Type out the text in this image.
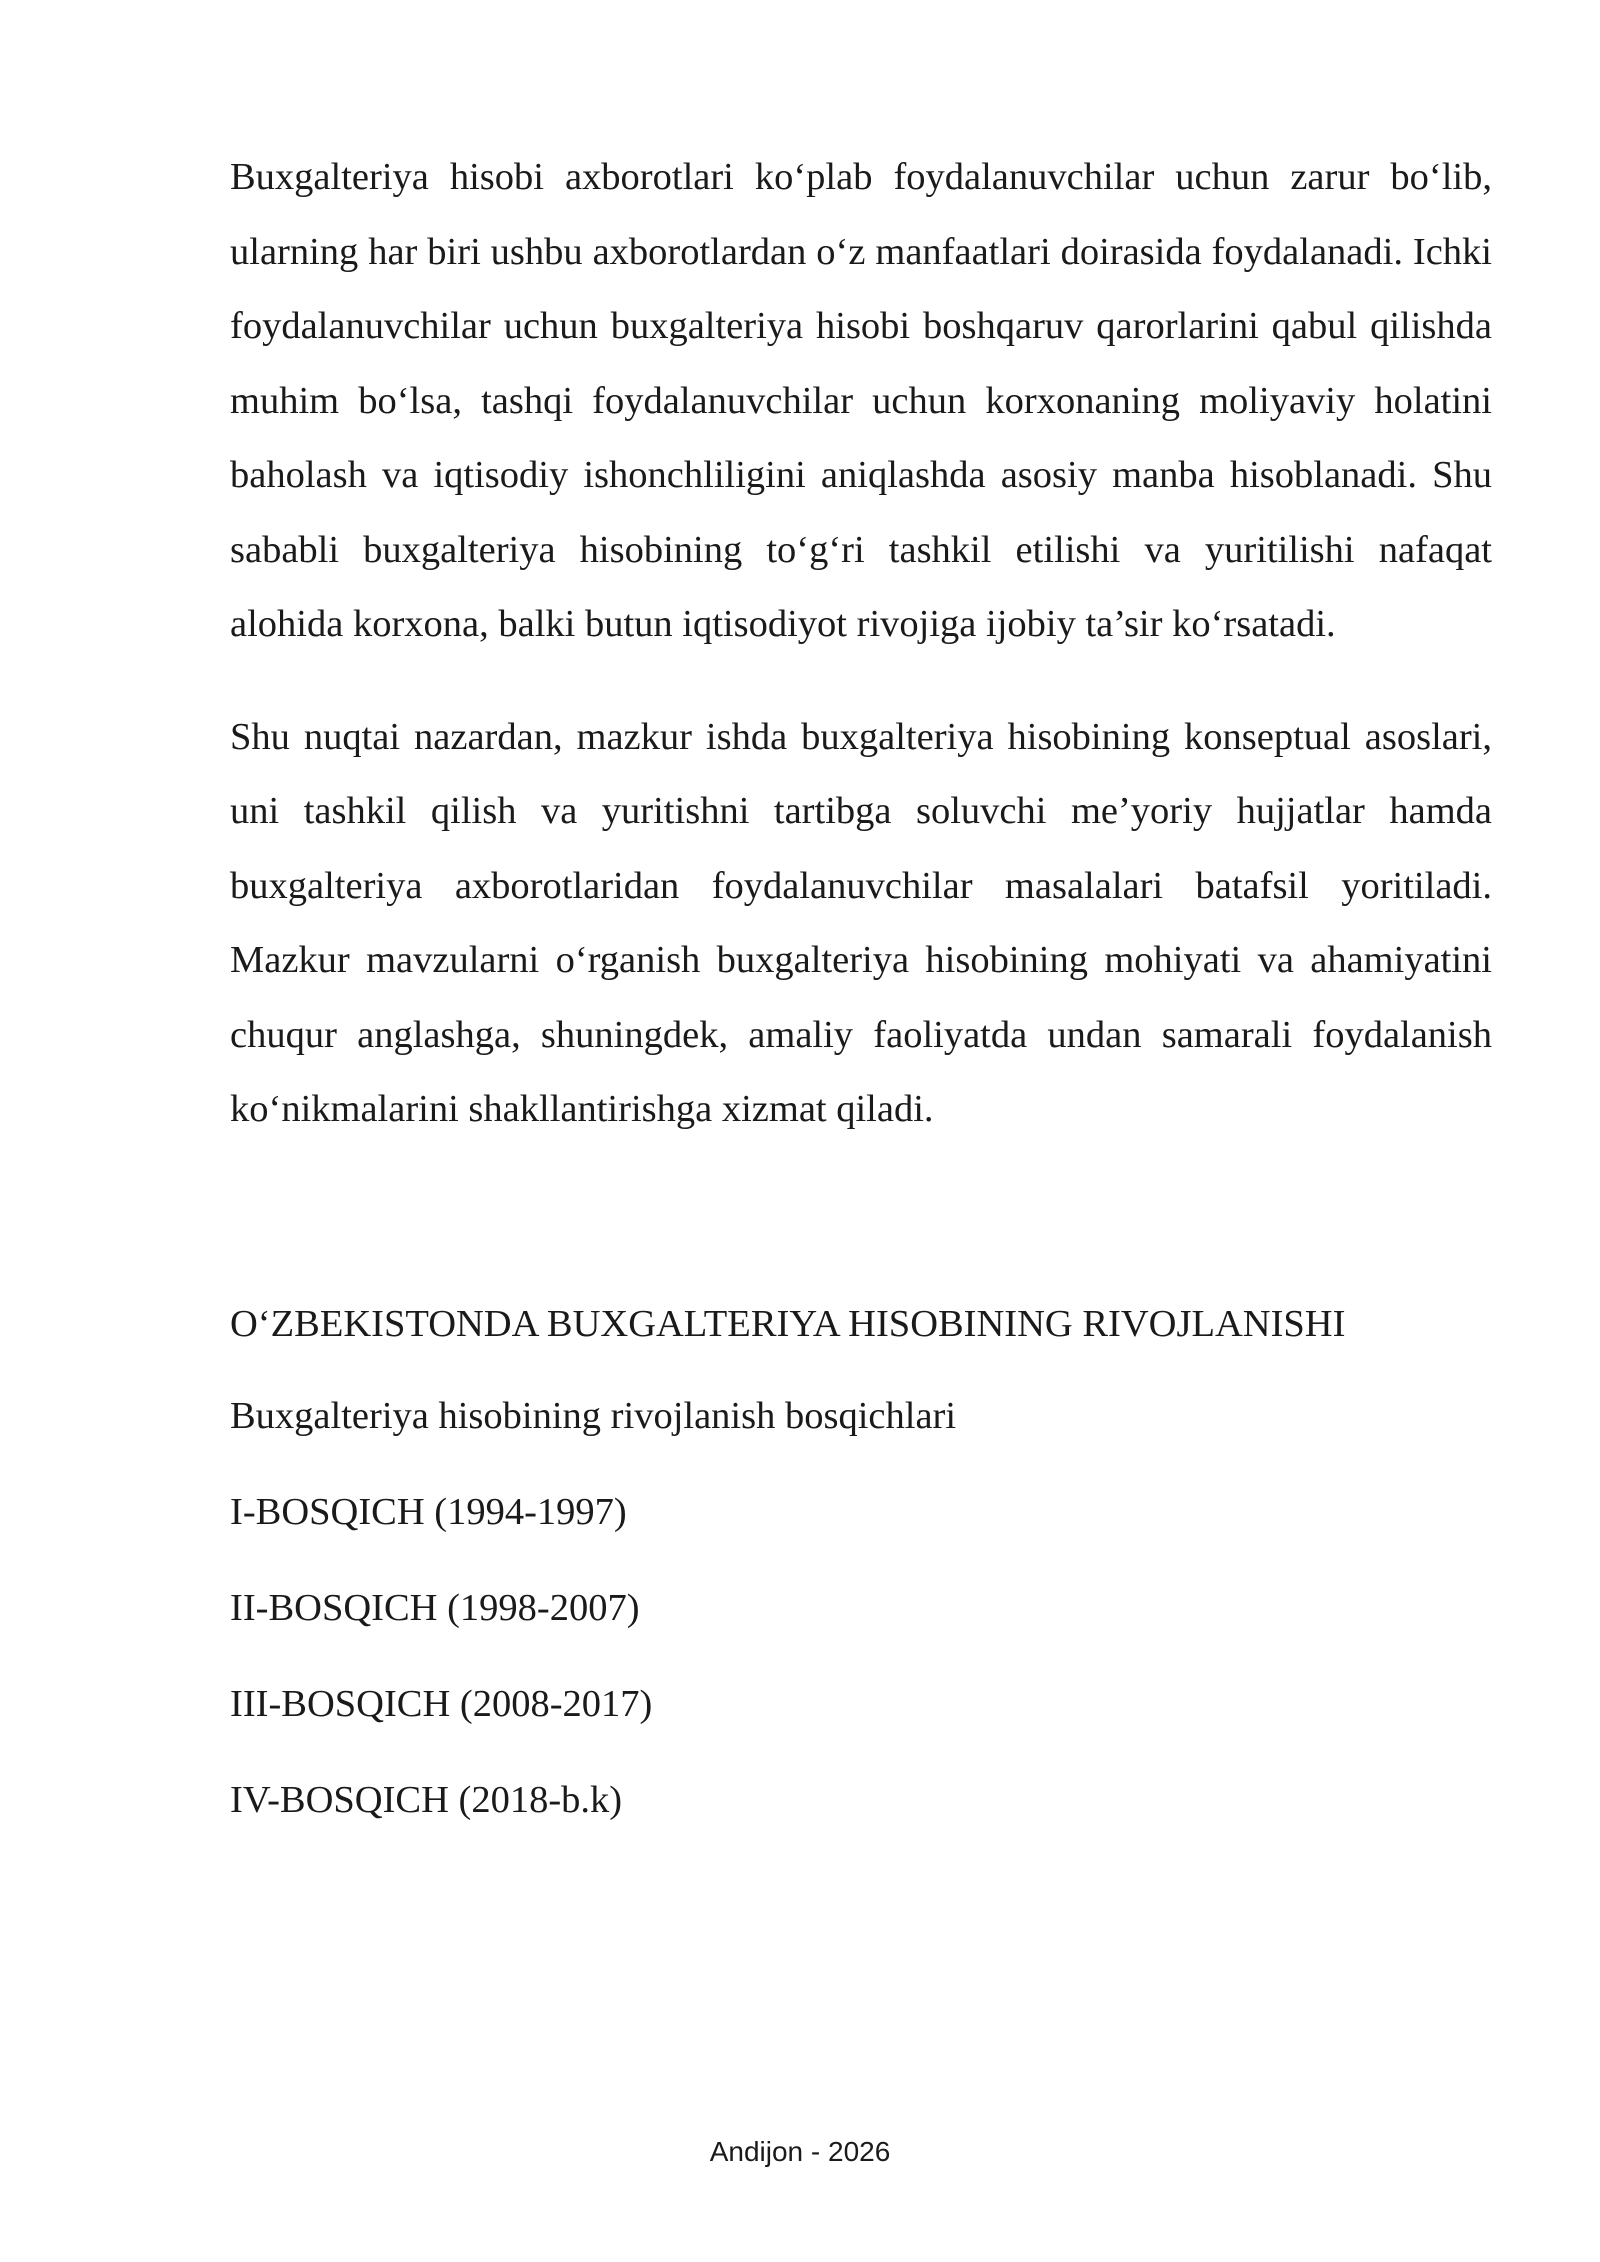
Buxgalteriya hisobi axborotlari ko‘plab foydalanuvchilar uchun zarur bo‘lib, ularning har biri ushbu axborotlardan o‘z manfaatlari doirasida foydalanadi. Ichki foydalanuvchilar uchun buxgalteriya hisobi boshqaruv qarorlarini qabul qilishda muhim bo‘lsa, tashqi foydalanuvchilar uchun korxonaning moliyaviy holatini baholash va iqtisodiy ishonchliligini aniqlashda asosiy manba hisoblanadi. Shu sababli buxgalteriya hisobining to‘g‘ri tashkil etilishi va yuritilishi nafaqat alohida korxona, balki butun iqtisodiyot rivojiga ijobiy ta’sir ko‘rsatadi.

Shu nuqtai nazardan, mazkur ishda buxgalteriya hisobining konseptual asoslari, uni tashkil qilish va yuritishni tartibga soluvchi me’yoriy hujjatlar hamda buxgalteriya axborotlaridan foydalanuvchilar masalalari batafsil yoritiladi. Mazkur mavzularni o‘rganish buxgalteriya hisobining mohiyati va ahamiyatini chuqur anglashga, shuningdek, amaliy faoliyatda undan samarali foydalanish ko‘nikmalarini shakllantirishga xizmat qiladi.

O‘ZBEKISTONDA BUXGALTERIYA HISOBINING RIVOJLANISHI

Buxgalteriya hisobining rivojlanish bosqichlari

I-BOSQICH (1994-1997)

II-BOSQICH (1998-2007)

III-BOSQICH (2008-2017)

IV-BOSQICH (2018-b.k)

Andijon - 2026
